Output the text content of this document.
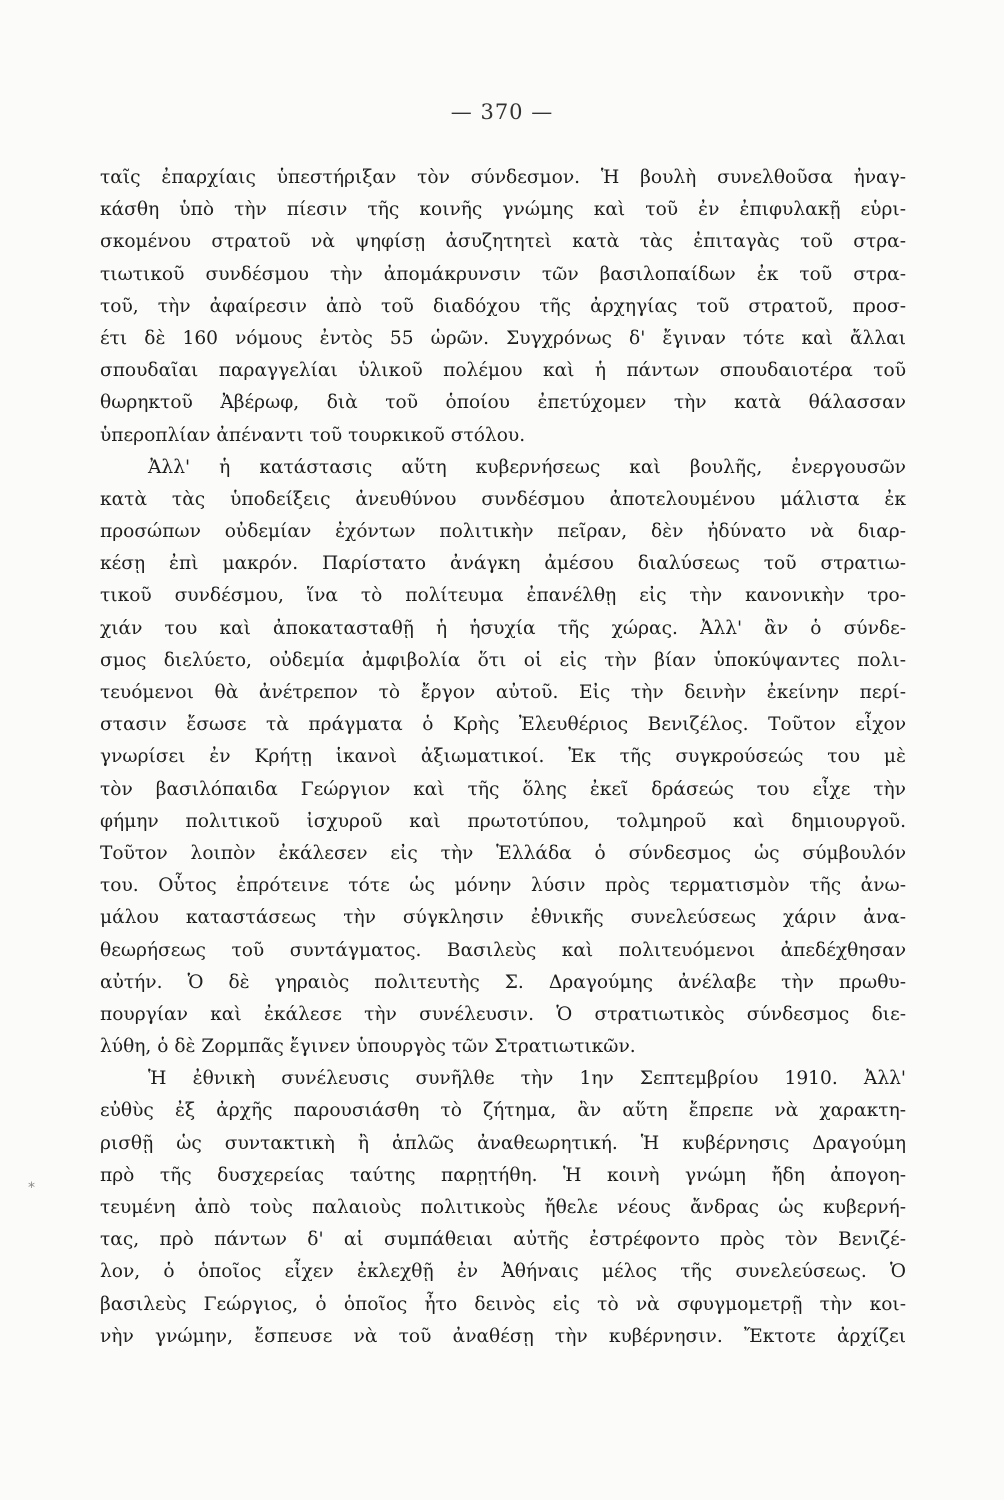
— 370 —
*
ταῖς ἐπαρχίαις ὑπεστήριξαν τὸν σύνδεσμον. Ἡ βουλὴ συνελθοῦσα ἠναγ-
κάσθη ὑπὸ τὴν πίεσιν τῆς κοινῆς γνώμης καὶ τοῦ ἐν ἐπιφυλακῇ εὑρι-
σκομένου στρατοῦ νὰ ψηφίσῃ ἀσυζητητεὶ κατὰ τὰς ἐπιταγὰς τοῦ στρα-
τιωτικοῦ συνδέσμου τὴν ἀπομάκρυνσιν τῶν βασιλοπαίδων ἐκ τοῦ στρα-
τοῦ, τὴν ἀφαίρεσιν ἀπὸ τοῦ διαδόχου τῆς ἀρχηγίας τοῦ στρατοῦ, προσ-
έτι δὲ 160 νόμους ἐντὸς 55 ὡρῶν. Συγχρόνως δ' ἔγιναν τότε καὶ ἄλλαι
σπουδαῖαι παραγγελίαι ὑλικοῦ πολέμου καὶ ἡ πάντων σπουδαιοτέρα τοῦ
θωρηκτοῦ Ἀβέρωφ, διὰ τοῦ ὁποίου ἐπετύχομεν τὴν κατὰ θάλασσαν
ὑπεροπλίαν ἀπέναντι τοῦ τουρκικοῦ στόλου.
Ἀλλ' ἡ κατάστασις αὕτη κυβερνήσεως καὶ βουλῆς, ἐνεργουσῶν
κατὰ τὰς ὑποδείξεις ἀνευθύνου συνδέσμου ἀποτελουμένου μάλιστα ἐκ
προσώπων οὐδεμίαν ἐχόντων πολιτικὴν πεῖραν, δὲν ἠδύνατο νὰ διαρ-
κέσῃ ἐπὶ μακρόν. Παρίστατο ἀνάγκη ἀμέσου διαλύσεως τοῦ στρατιω-
τικοῦ συνδέσμου, ἵνα τὸ πολίτευμα ἐπανέλθῃ εἰς τὴν κανονικὴν τρο-
χιάν του καὶ ἀποκατασταθῇ ἡ ἡσυχία τῆς χώρας. Ἀλλ' ἂν ὁ σύνδε-
σμος διελύετο, οὐδεμία ἀμφιβολία ὅτι οἱ εἰς τὴν βίαν ὑποκύψαντες πολι-
τευόμενοι θὰ ἀνέτρεπον τὸ ἔργον αὐτοῦ. Εἰς τὴν δεινὴν ἐκείνην περί-
στασιν ἔσωσε τὰ πράγματα ὁ Κρὴς Ἐλευθέριος Βενιζέλος. Τοῦτον εἶχον
γνωρίσει ἐν Κρήτῃ ἱκανοὶ ἀξιωματικοί. Ἐκ τῆς συγκρούσεώς του μὲ
τὸν βασιλόπαιδα Γεώργιον καὶ τῆς ὅλης ἐκεῖ δράσεώς του εἶχε τὴν
φήμην πολιτικοῦ ἰσχυροῦ καὶ πρωτοτύπου, τολμηροῦ καὶ δημιουργοῦ.
Τοῦτον λοιπὸν ἐκάλεσεν εἰς τὴν Ἑλλάδα ὁ σύνδεσμος ὡς σύμβουλόν
του. Οὗτος ἐπρότεινε τότε ὡς μόνην λύσιν πρὸς τερματισμὸν τῆς ἀνω-
μάλου καταστάσεως τὴν σύγκλησιν ἐθνικῆς συνελεύσεως χάριν ἀνα-
θεωρήσεως τοῦ συντάγματος. Βασιλεὺς καὶ πολιτευόμενοι ἀπεδέχθησαν
αὐτήν. Ὁ δὲ γηραιὸς πολιτευτὴς Σ. Δραγούμης ἀνέλαβε τὴν πρωθυ-
πουργίαν καὶ ἐκάλεσε τὴν συνέλευσιν. Ὁ στρατιωτικὸς σύνδεσμος διε-
λύθη, ὁ δὲ Ζορμπᾶς ἔγινεν ὑπουργὸς τῶν Στρατιωτικῶν.
Ἡ ἐθνικὴ συνέλευσις συνῆλθε τὴν 1ην Σεπτεμβρίου 1910. Ἀλλ'
εὐθὺς ἐξ ἀρχῆς παρουσιάσθη τὸ ζήτημα, ἂν αὕτη ἔπρεπε νὰ χαρακτη-
ρισθῇ ὡς συντακτικὴ ἢ ἁπλῶς ἀναθεωρητική. Ἡ κυβέρνησις Δραγούμη
πρὸ τῆς δυσχερείας ταύτης παρῃτήθη. Ἡ κοινὴ γνώμη ἤδη ἀπογοη-
τευμένη ἀπὸ τοὺς παλαιοὺς πολιτικοὺς ἤθελε νέους ἄνδρας ὡς κυβερνή-
τας, πρὸ πάντων δ' αἱ συμπάθειαι αὐτῆς ἐστρέφοντο πρὸς τὸν Βενιζέ-
λον, ὁ ὁποῖος εἶχεν ἐκλεχθῇ ἐν Ἀθήναις μέλος τῆς συνελεύσεως. Ὁ
βασιλεὺς Γεώργιος, ὁ ὁποῖος ἦτο δεινὸς εἰς τὸ νὰ σφυγμομετρῇ τὴν κοι-
νὴν γνώμην, ἔσπευσε νὰ τοῦ ἀναθέσῃ τὴν κυβέρνησιν. Ἔκτοτε ἀρχίζει
